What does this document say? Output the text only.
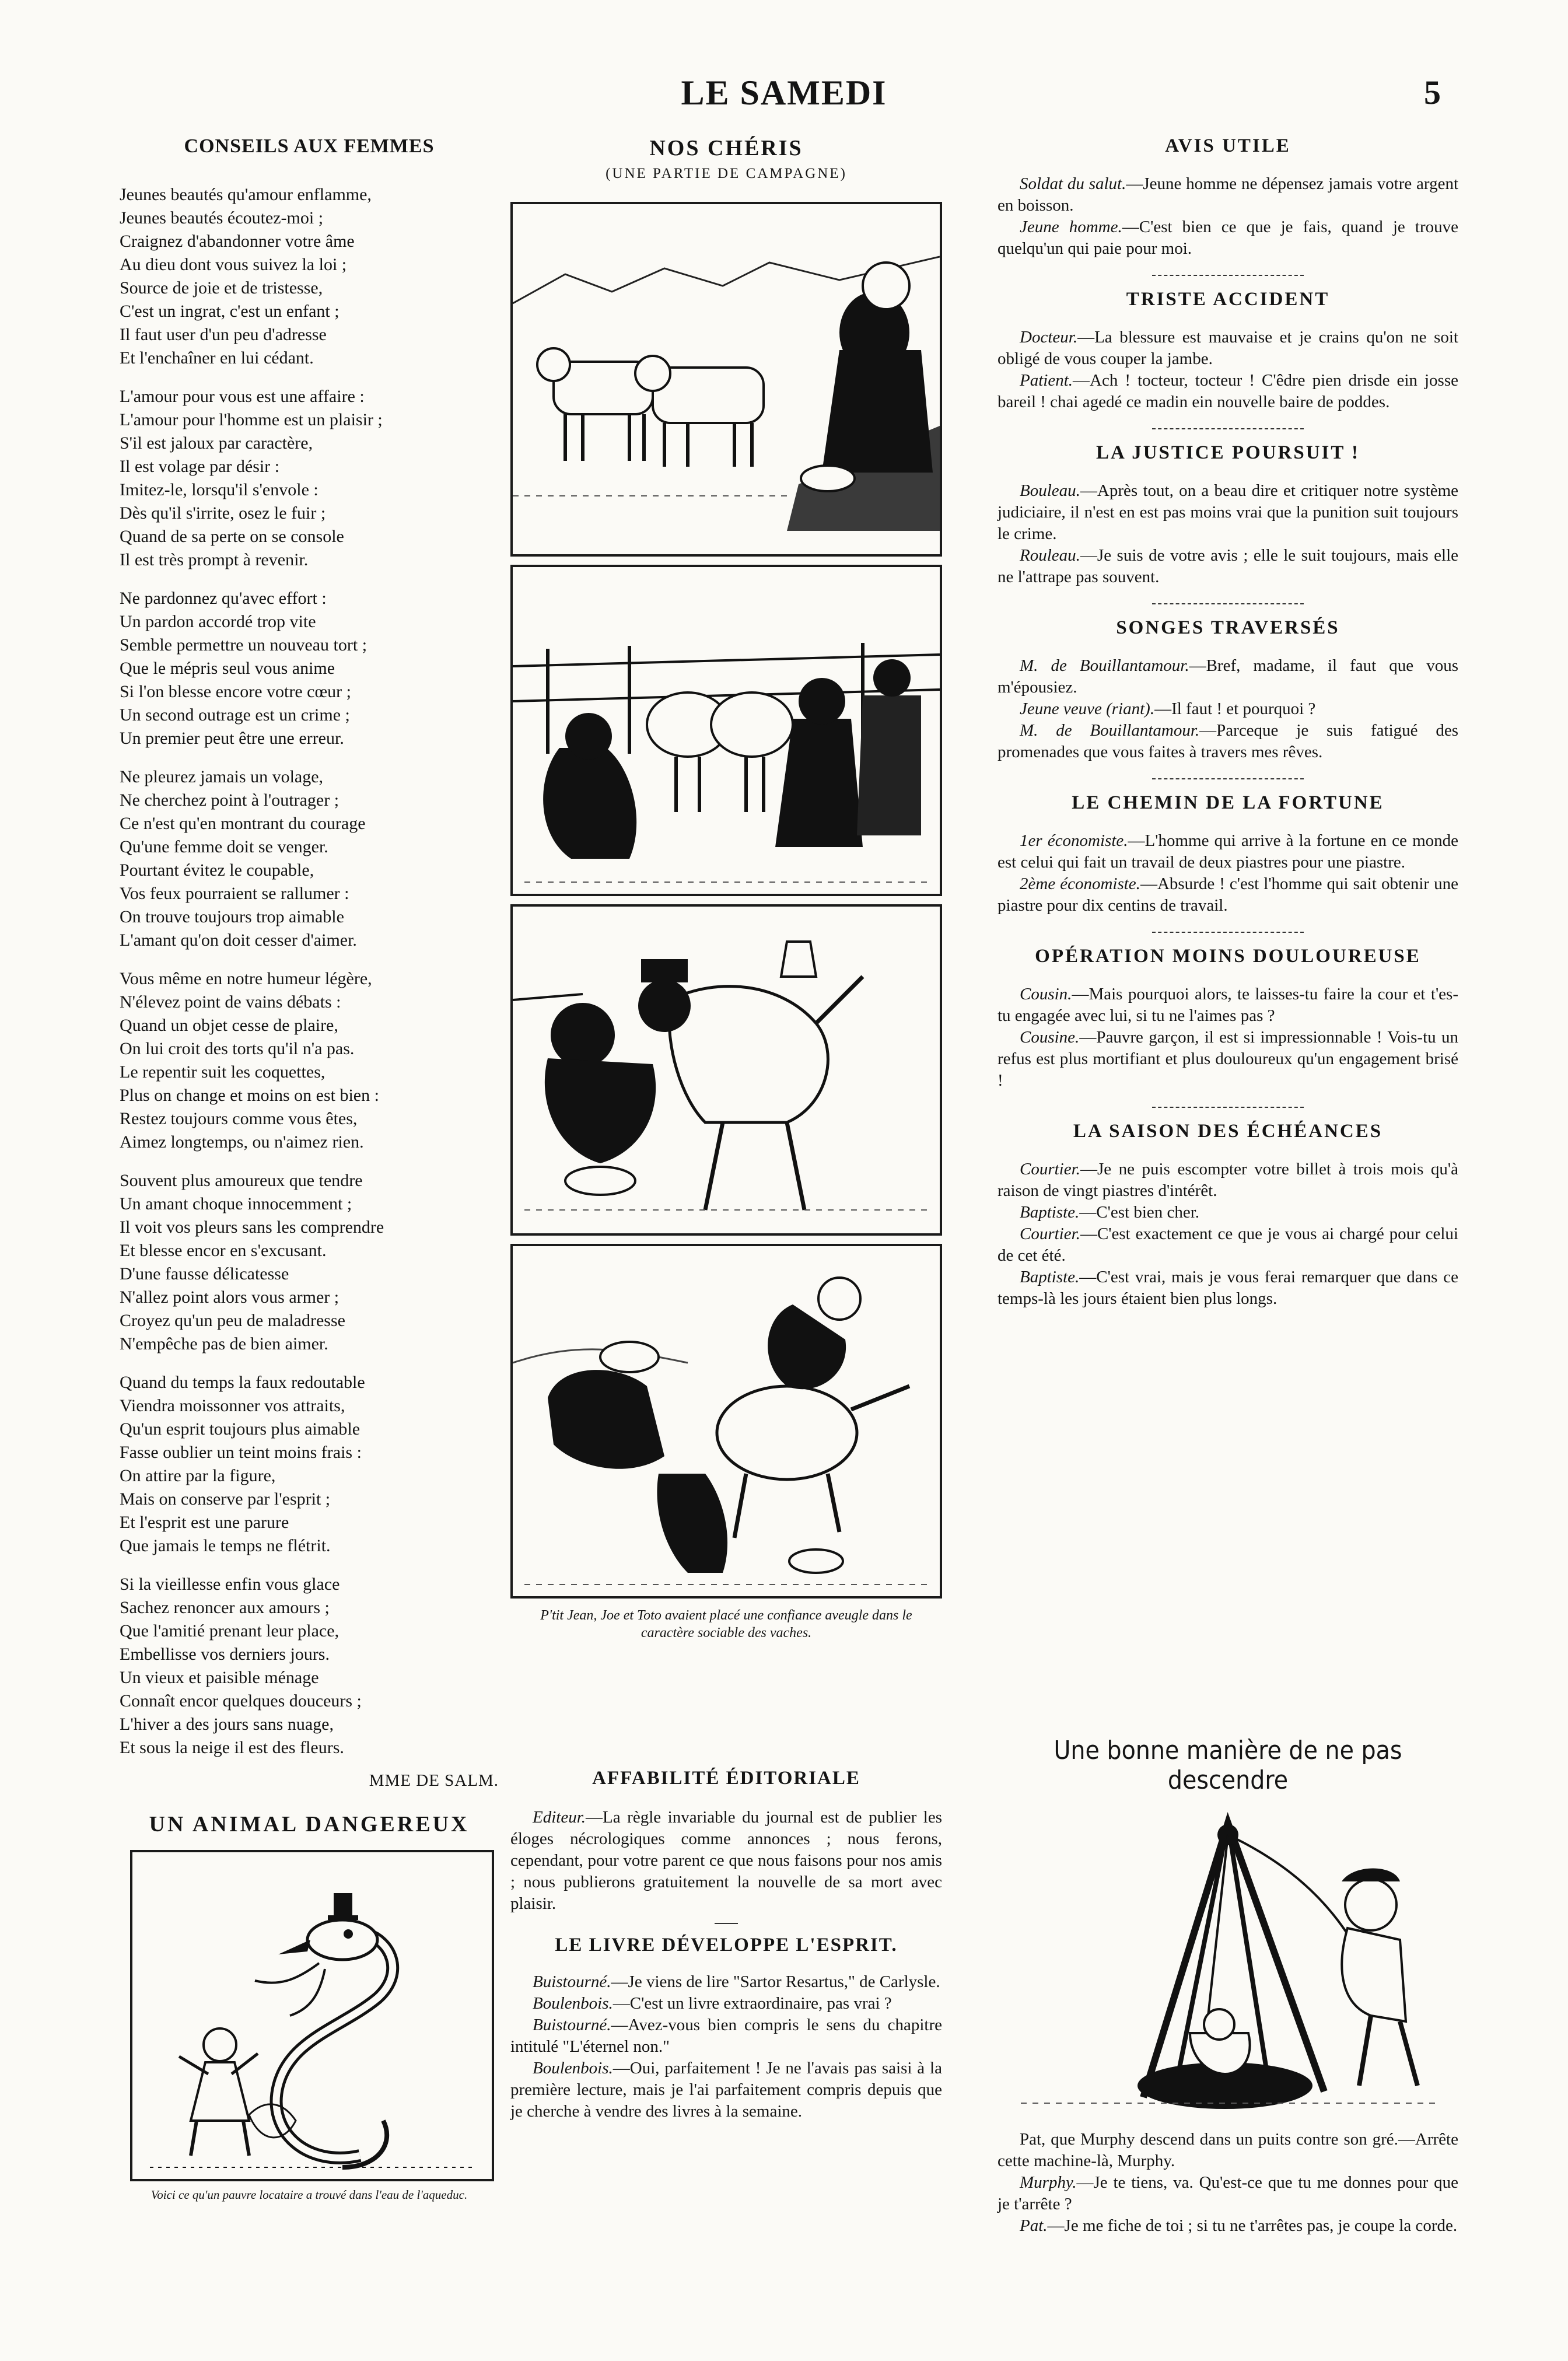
LE SAMEDI	5
CONSEILS AUX FEMMES
Jeunes beautés qu'amour enflamme,
Jeunes beautés écoutez-moi ;
Craignez d'abandonner votre âme
Au dieu dont vous suivez la loi ;
Source de joie et de tristesse,
C'est un ingrat, c'est un enfant ;
Il faut user d'un peu d'adresse
Et l'enchaîner en lui cédant.
L'amour pour vous est une affaire :
L'amour pour l'homme est un plaisir ;
S'il est jaloux par caractère,
Il est volage par désir :
Imitez-le, lorsqu'il s'envole :
Dès qu'il s'irrite, osez le fuir ;
Quand de sa perte on se console
Il est très prompt à revenir.
Ne pardonnez qu'avec effort :
Un pardon accordé trop vite
Semble permettre un nouveau tort ;
Que le mépris seul vous anime
Si l'on blesse encore votre cœur ;
Un second outrage est un crime ;
Un premier peut être une erreur.
Ne pleurez jamais un volage,
Ne cherchez point à l'outrager ;
Ce n'est qu'en montrant du courage
Qu'une femme doit se venger.
Pourtant évitez le coupable,
Vos feux pourraient se rallumer :
On trouve toujours trop aimable
L'amant qu'on doit cesser d'aimer.
Vous même en notre humeur légère,
N'élevez point de vains débats :
Quand un objet cesse de plaire,
On lui croit des torts qu'il n'a pas.
Le repentir suit les coquettes,
Plus on change et moins on est bien :
Restez toujours comme vous êtes,
Aimez longtemps, ou n'aimez rien.
Souvent plus amoureux que tendre
Un amant choque innocemment ;
Il voit vos pleurs sans les comprendre
Et blesse encor en s'excusant.
D'une fausse délicatesse
N'allez point alors vous armer ;
Croyez qu'un peu de maladresse
N'empêche pas de bien aimer.
Quand du temps la faux redoutable
Viendra moissonner vos attraits,
Qu'un esprit toujours plus aimable
Fasse oublier un teint moins frais :
On attire par la figure,
Mais on conserve par l'esprit ;
Et l'esprit est une parure
Que jamais le temps ne flétrit.
Si la vieillesse enfin vous glace
Sachez renoncer aux amours ;
Que l'amitié prenant leur place,
Embellisse vos derniers jours.
Un vieux et paisible ménage
Connaît encor quelques douceurs ;
L'hiver a des jours sans nuage,
Et sous la neige il est des fleurs.
MME DE SALM.
UN ANIMAL DANGEREUX
Voici ce qu'un pauvre locataire a trouvé dans l'eau de l'aqueduc.
NOS CHÉRIS
(UNE PARTIE DE CAMPAGNE)
P'tit Jean, Joe et Toto avaient placé une confiance aveugle dans le caractère sociable des vaches.
AFFABILITÉ ÉDITORIALE

Editeur.—La règle invariable du journal est de publier les éloges nécrologiques comme annonces ; nous ferons, cependant, pour votre parent ce que nous faisons pour nos amis ; nous publierons gratuitement la nouvelle de sa mort avec plaisir.

LE LIVRE DÉVELOPPE L'ESPRIT.

Buistourné.—Je viens de lire "Sartor Resartus," de Carlysle.

Boulenbois.—C'est un livre extraordinaire, pas vrai ?

Buistourné.—Avez-vous bien compris le sens du chapitre intitulé "L'éternel non."

Boulenbois.—Oui, parfaitement ! Je ne l'avais pas saisi à la première lecture, mais je l'ai parfaitement compris depuis que je cherche à vendre des livres à la semaine.

AVIS UTILE

Soldat du salut.—Jeune homme ne dépensez jamais votre argent en boisson.

Jeune homme.—C'est bien ce que je fais, quand je trouve quelqu'un qui paie pour moi.

TRISTE ACCIDENT

Docteur.—La blessure est mauvaise et je crains qu'on ne soit obligé de vous couper la jambe.

Patient.—Ach ! tocteur, tocteur ! C'êdre pien drisde ein josse bareil ! chai agedé ce madin ein nouvelle baire de poddes.

LA JUSTICE POURSUIT !

Bouleau.—Après tout, on a beau dire et critiquer notre système judiciaire, il n'est en est pas moins vrai que la punition suit toujours le crime.

Rouleau.—Je suis de votre avis ; elle le suit toujours, mais elle ne l'attrape pas souvent.

SONGES TRAVERSÉS

M. de Bouillantamour.—Bref, madame, il faut que vous m'épousiez.

Jeune veuve (riant).—Il faut ! et pourquoi ?

M. de Bouillantamour.—Parceque je suis fatigué des promenades que vous faites à travers mes rêves.

LE CHEMIN DE LA FORTUNE

1er économiste.—L'homme qui arrive à la fortune en ce monde est celui qui fait un travail de deux piastres pour une piastre.

2ème économiste.—Absurde ! c'est l'homme qui sait obtenir une piastre pour dix centins de travail.

OPÉRATION MOINS DOULOUREUSE

Cousin.—Mais pourquoi alors, te laisses-tu faire la cour et t'es-tu engagée avec lui, si tu ne l'aimes pas ?

Cousine.—Pauvre garçon, il est si impressionnable ! Vois-tu un refus est plus mortifiant et plus douloureux qu'un engagement brisé !

LA SAISON DES ÉCHÉANCES

Courtier.—Je ne puis escompter votre billet à trois mois qu'à raison de vingt piastres d'intérêt.

Baptiste.—C'est bien cher.

Courtier.—C'est exactement ce que je vous ai chargé pour celui de cet été.

Baptiste.—C'est vrai, mais je vous ferai remarquer que dans ce temps-là les jours étaient bien plus longs.

Une bonne manière de ne pas descendre

Pat, que Murphy descend dans un puits contre son gré.—Arrête cette machine-là, Murphy.

Murphy.—Je te tiens, va. Qu'est-ce que tu me donnes pour que je t'arrête ?

Pat.—Je me fiche de toi ; si tu ne t'arrêtes pas, je coupe la corde.
